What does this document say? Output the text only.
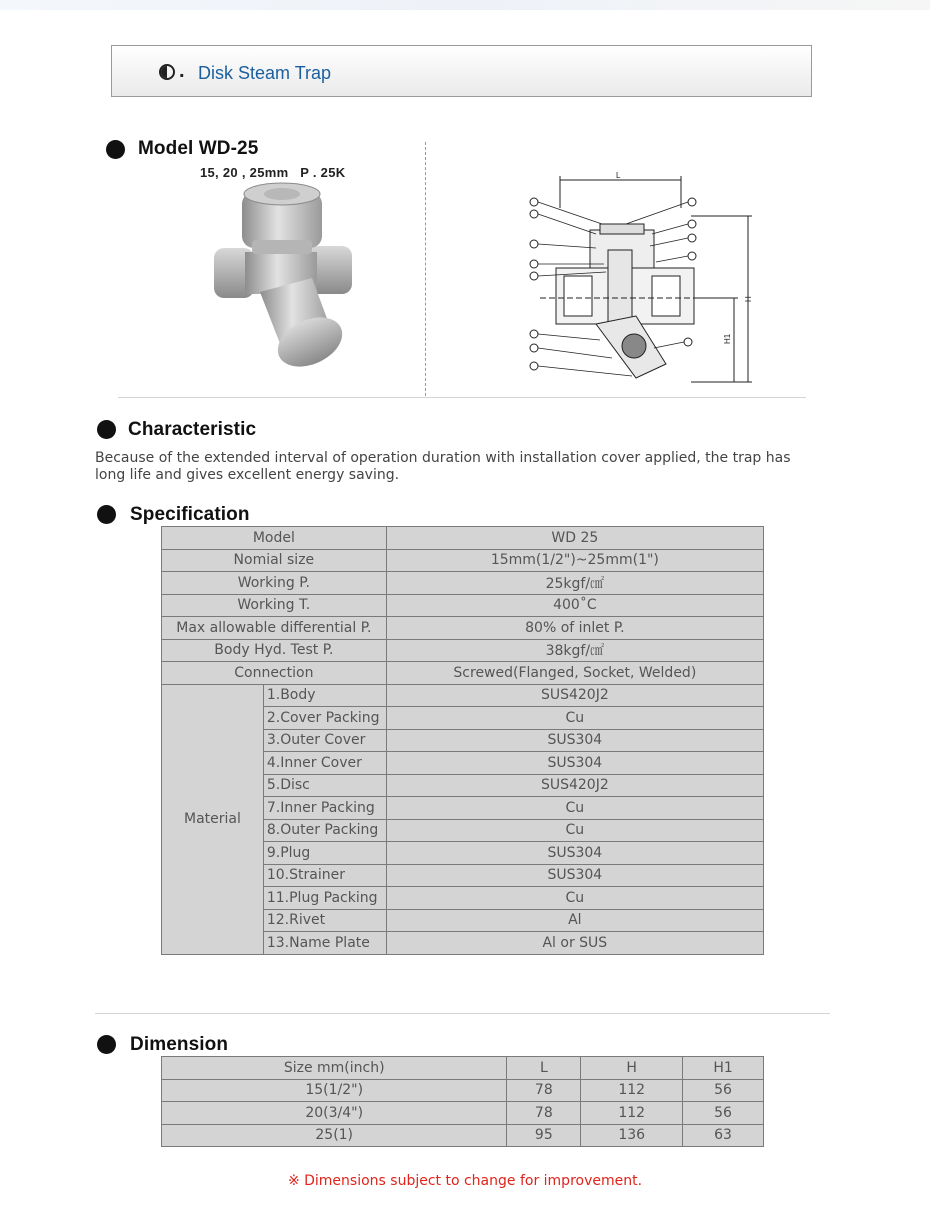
. Disk Steam Trap
Model WD-25
15, 20 , 25mm   P . 25K	L
H
H1
Characteristic
Because of the extended interval of operation duration with installation cover applied, the trap has long life and gives excellent energy saving.
Specification
Model		WD 25
Nomial size		15mm(1/2")~25mm(1")
Working P.		25kgf/㎠
Working T.		400˚C
Max allowable differential P.		80% of inlet P.
Body Hyd. Test P.		38kgf/㎠
Connection		Screwed(Flanged, Socket, Welded)
Material	1.Body	SUS420J2
	2.Cover Packing	Cu
	3.Outer Cover	SUS304
	4.Inner Cover	SUS304
	5.Disc	SUS420J2
	7.Inner Packing	Cu
	8.Outer Packing	Cu
	9.Plug	SUS304
	10.Strainer	SUS304
	11.Plug Packing	Cu
	12.Rivet	Al
	13.Name Plate	Al or SUS
Dimension
Size mm(inch)	L	H	H1
15(1/2")	78	112	56
20(3/4")	78	112	56
25(1)	95	136	63
※ Dimensions subject to change for improvement.
